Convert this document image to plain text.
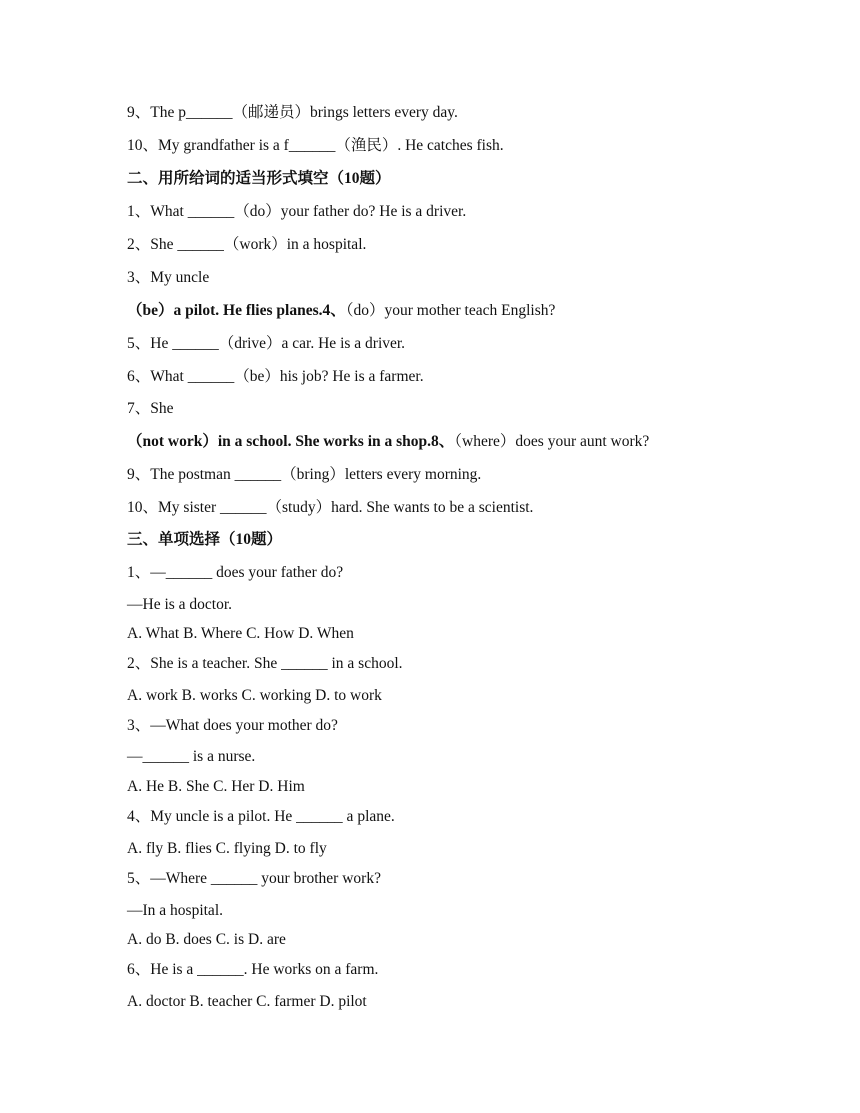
9、The p______（邮递员）brings letters every day.
10、My grandfather is a f______（渔民）. He catches fish.
二、用所给词的适当形式填空（10题）
1、What ______（do）your father do? He is a driver.
2、She ______（work）in a hospital.
3、My uncle
（be）a pilot. He flies planes.4、（do）your mother teach English?
5、He ______（drive）a car. He is a driver.
6、What ______（be）his job? He is a farmer.
7、She
（not work）in a school. She works in a shop.8、（where）does your aunt work?
9、The postman ______（bring）letters every morning.
10、My sister ______（study）hard. She wants to be a scientist.
三、单项选择（10题）
1、—______ does your father do?
—He is a doctor.
A. What B. Where C. How D. When
2、She is a teacher. She ______ in a school.
A. work B. works C. working D. to work
3、—What does your mother do?
—______ is a nurse.
A. He B. She C. Her D. Him
4、My uncle is a pilot. He ______ a plane.
A. fly B. flies C. flying D. to fly
5、—Where ______ your brother work?
—In a hospital.
A. do B. does C. is D. are
6、He is a ______. He works on a farm.
A. doctor B. teacher C. farmer D. pilot
